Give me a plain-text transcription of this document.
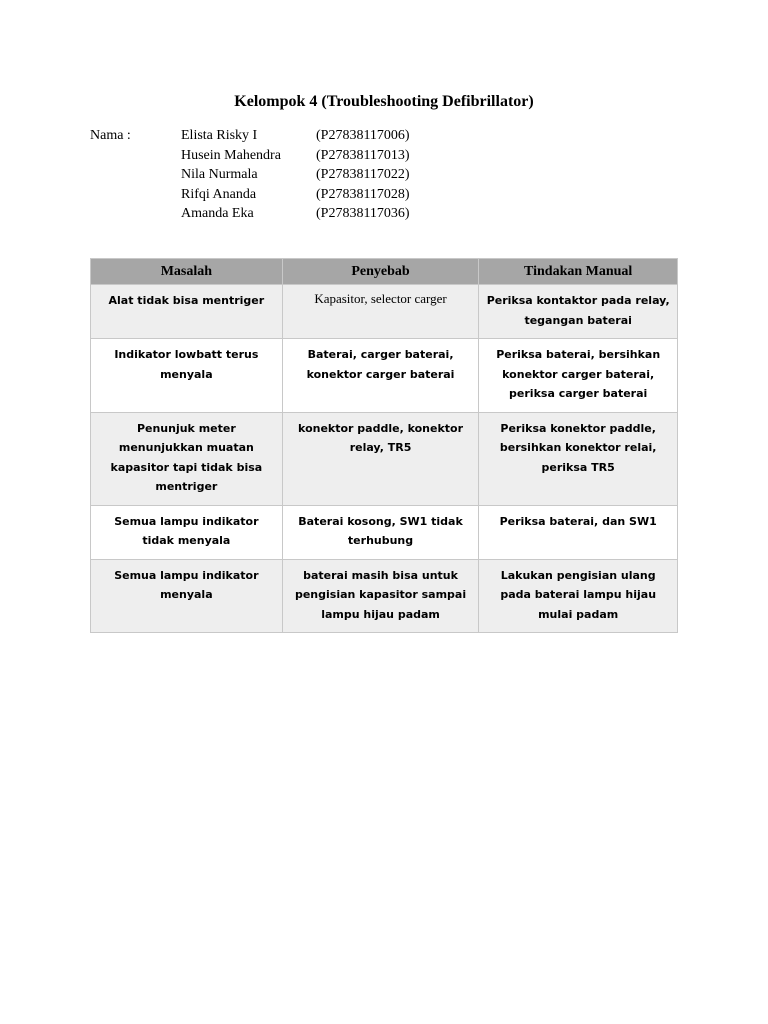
Kelompok 4 (Troubleshooting Defibrillator)
Nama :	Elista Risky I	(P27838117006)
Husein Mahendra	(P27838117013)
Nila Nurmala	(P27838117022)
Rifqi Ananda	(P27838117028)
Amanda Eka	(P27838117036)
Masalah	Penyebab	Tindakan Manual
Alat tidak bisa mentriger	Kapasitor, selector carger	Periksa kontaktor pada relay, tegangan baterai
Indikator lowbatt terus menyala	Baterai, carger baterai, konektor carger baterai	Periksa baterai, bersihkan konektor carger baterai, periksa carger baterai
Penunjuk meter menunjukkan muatan kapasitor tapi tidak bisa mentriger	konektor paddle, konektor relay, TR5	Periksa konektor paddle, bersihkan konektor relai, periksa TR5
Semua lampu indikator tidak menyala	Baterai kosong, SW1 tidak terhubung	Periksa baterai, dan SW1
Semua lampu indikator menyala	baterai masih bisa untuk pengisian kapasitor sampai lampu hijau padam	Lakukan pengisian ulang pada baterai lampu hijau mulai padam
